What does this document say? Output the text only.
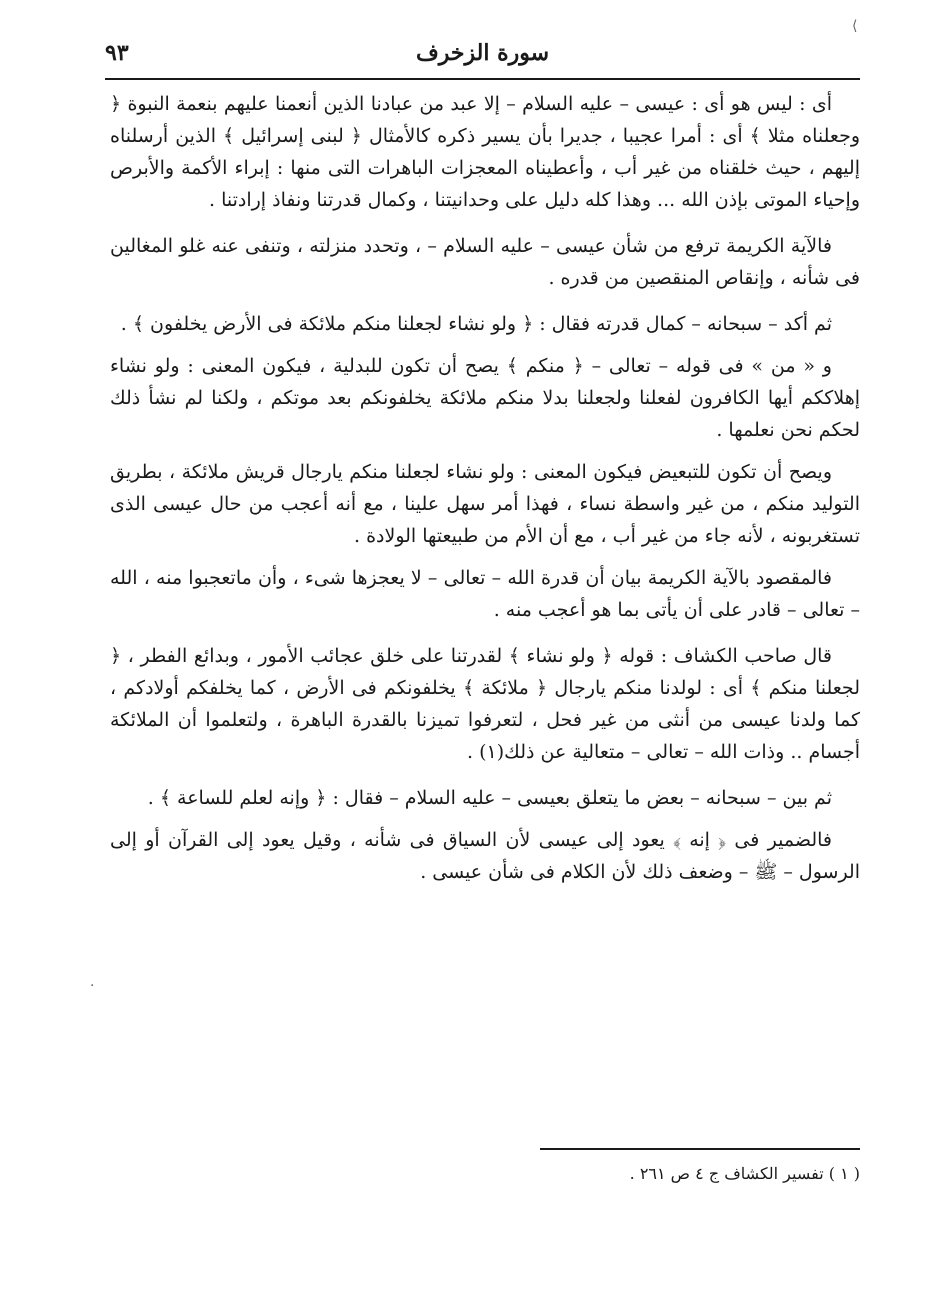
سورة الزخرف
٩٣

أى : ليس هو أى : عيسى – عليه السلام – إلا عبد من عبادنا الذين أنعمنا عليهم بنعمة النبوة ﴿ وجعلناه مثلا ﴾ أى : أمرا عجيبا ، جديرا بأن يسير ذكره كالأمثال ﴿ لبنى إسرائيل ﴾ الذين أرسلناه إليهم ، حيث خلقناه من غير أب ، وأعطيناه المعجزات الباهرات التى منها : إبراء الأكمة والأبرص وإحياء الموتى بإذن الله ... وهذا كله دليل على وحدانيتنا ، وكمال قدرتنا ونفاذ إرادتنا .

فالآية الكريمة ترفع من شأن عيسى – عليه السلام – ، وتحدد منزلته ، وتنفى عنه غلو المغالين فى شأنه ، وإنقاص المنقصين من قدره .

ثم أكد – سبحانه – كمال قدرته فقال : ﴿ ولو نشاء لجعلنا منكم ملائكة فى الأرض يخلفون ﴾ .

و « من » فى قوله – تعالى – ﴿ منكم ﴾ يصح أن تكون للبدلية ، فيكون المعنى : ولو نشاء إهلاككم أيها الكافرون لفعلنا ولجعلنا بدلا منكم ملائكة يخلفونكم بعد موتكم ، ولكنا لم نشأ ذلك لحكم نحن نعلمها .

ويصح أن تكون للتبعيض فيكون المعنى : ولو نشاء لجعلنا منكم يارجال قريش ملائكة ، بطريق التوليد منكم ، من غير واسطة نساء ، فهذا أمر سهل علينا ، مع أنه أعجب من حال عيسى الذى تستغربونه ، لأنه جاء من غير أب ، مع أن الأم من طبيعتها الولادة .

فالمقصود بالآية الكريمة بيان أن قدرة الله – تعالى – لا يعجزها شىء ، وأن ماتعجبوا منه ، الله – تعالى – قادر على أن يأتى بما هو أعجب منه .

قال صاحب الكشاف : قوله ﴿ ولو نشاء ﴾ لقدرتنا على خلق عجائب الأمور ، وبدائع الفطر ، ﴿ لجعلنا منكم ﴾ أى : لولدنا منكم يارجال ﴿ ملائكة ﴾ يخلفونكم فى الأرض ، كما يخلفكم أولادكم ، كما ولدنا عيسى من أنثى من غير فحل ، لتعرفوا تميزنا بالقدرة الباهرة ، ولتعلموا أن الملائكة أجسام .. وذات الله – تعالى – متعالية عن ذلك(١) .

ثم بين – سبحانه – بعض ما يتعلق بعيسى – عليه السلام – فقال : ﴿ وإنه لعلم للساعة ﴾ .

فالضمير فى ﴿ إنه ﴾ يعود إلى عيسى لأن السياق فى شأنه ، وقيل يعود إلى القرآن أو إلى الرسول – ﷺ – وضعف ذلك لأن الكلام فى شأن عيسى .

( ١ ) تفسير الكشاف ج ٤ ص ٢٦١ .
⟨
·
